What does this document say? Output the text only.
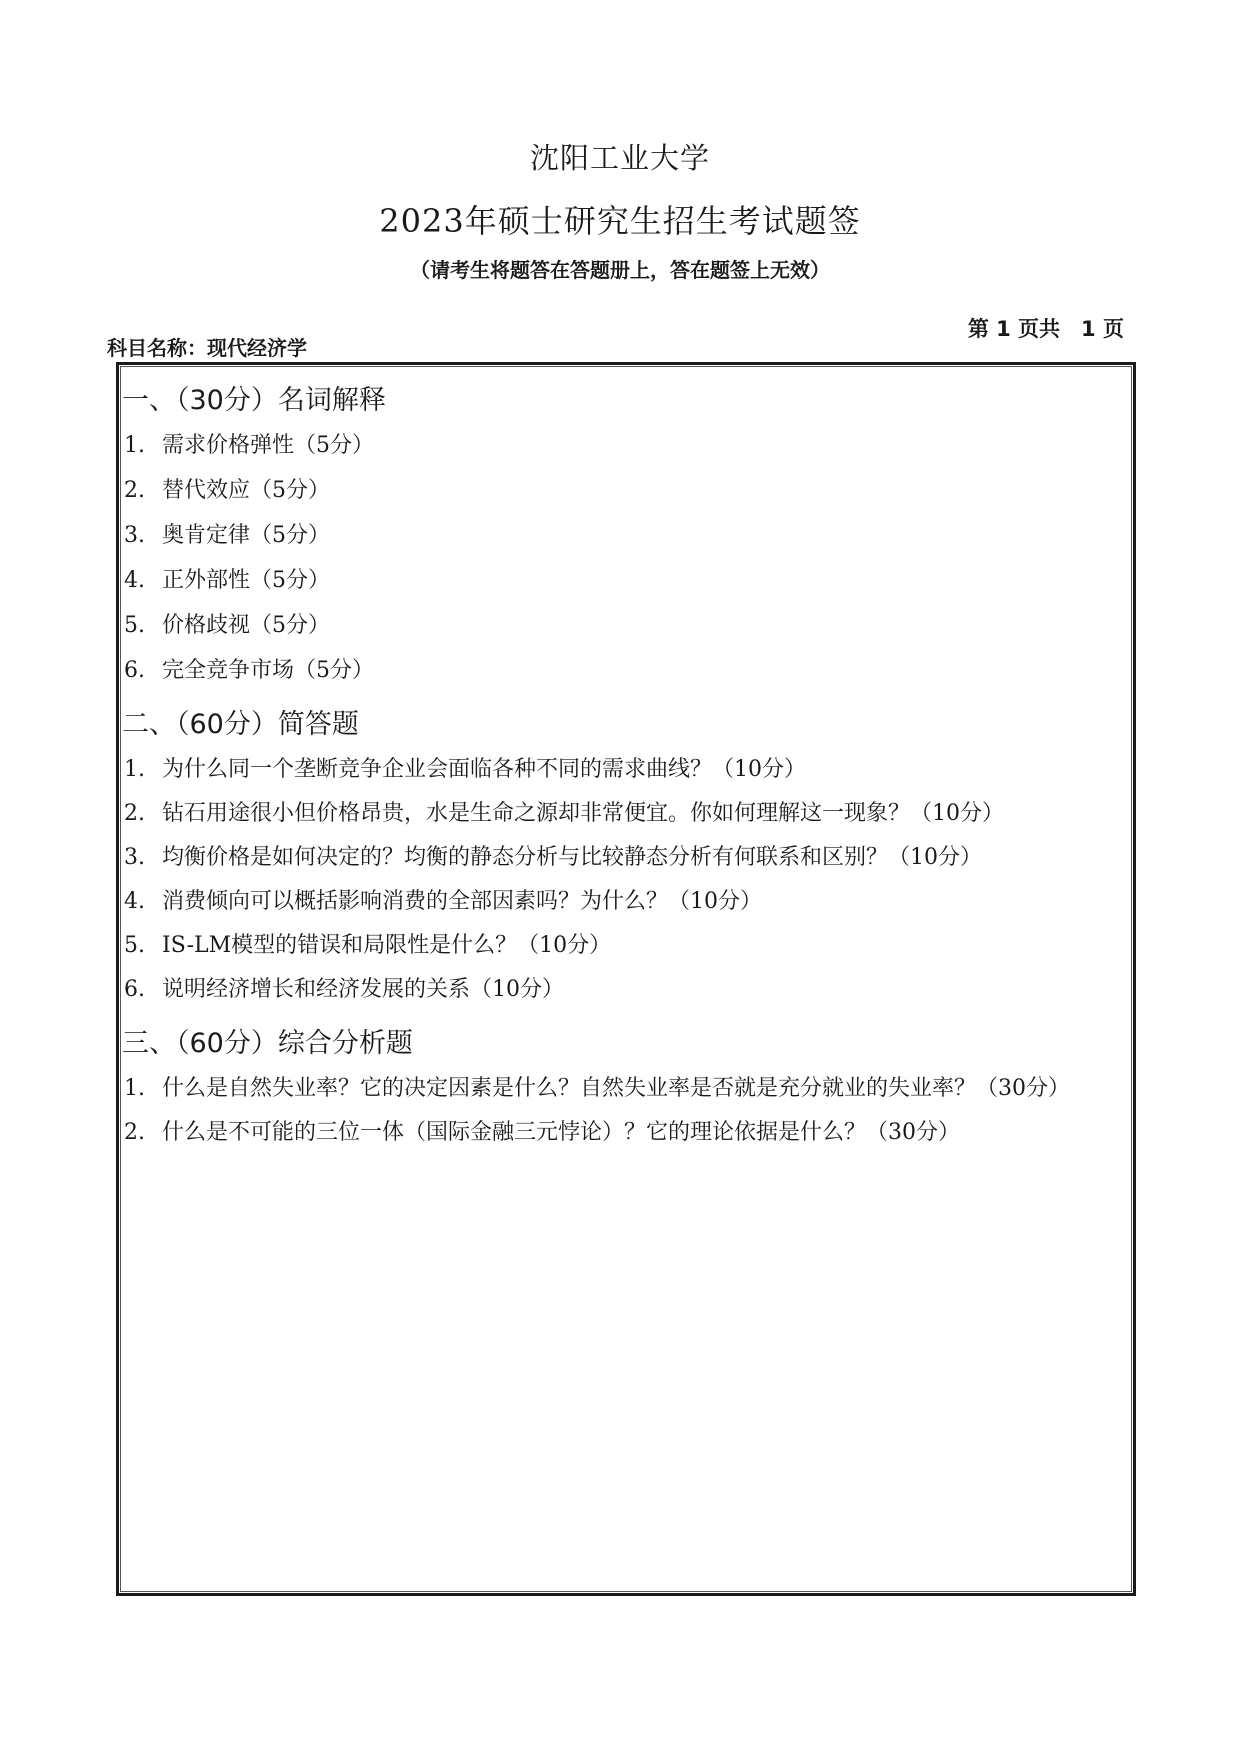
沈阳工业大学
2023年硕士研究生招生考试题签
（请考生将题答在答题册上，答在题签上无效）
第 1 页共　1 页
科目名称：现代经济学
一、（30分）名词解释
1. 需求价格弹性（5分）
2. 替代效应（5分）
3. 奥肯定律（5分）
4. 正外部性（5分）
5. 价格歧视（5分）
6. 完全竞争市场（5分）
二、（60分）简答题
1. 为什么同一个垄断竞争企业会面临各种不同的需求曲线？（10分）
2. 钻石用途很小但价格昂贵，水是生命之源却非常便宜。你如何理解这一现象？（10分）
3. 均衡价格是如何决定的？均衡的静态分析与比较静态分析有何联系和区别？（10分）
4. 消费倾向可以概括影响消费的全部因素吗？为什么？（10分）
5. IS-LM模型的错误和局限性是什么？（10分）
6. 说明经济增长和经济发展的关系（10分）
三、（60分）综合分析题
1. 什么是自然失业率？它的决定因素是什么？自然失业率是否就是充分就业的失业率？（30分）
2. 什么是不可能的三位一体（国际金融三元悖论）？它的理论依据是什么？（30分）
